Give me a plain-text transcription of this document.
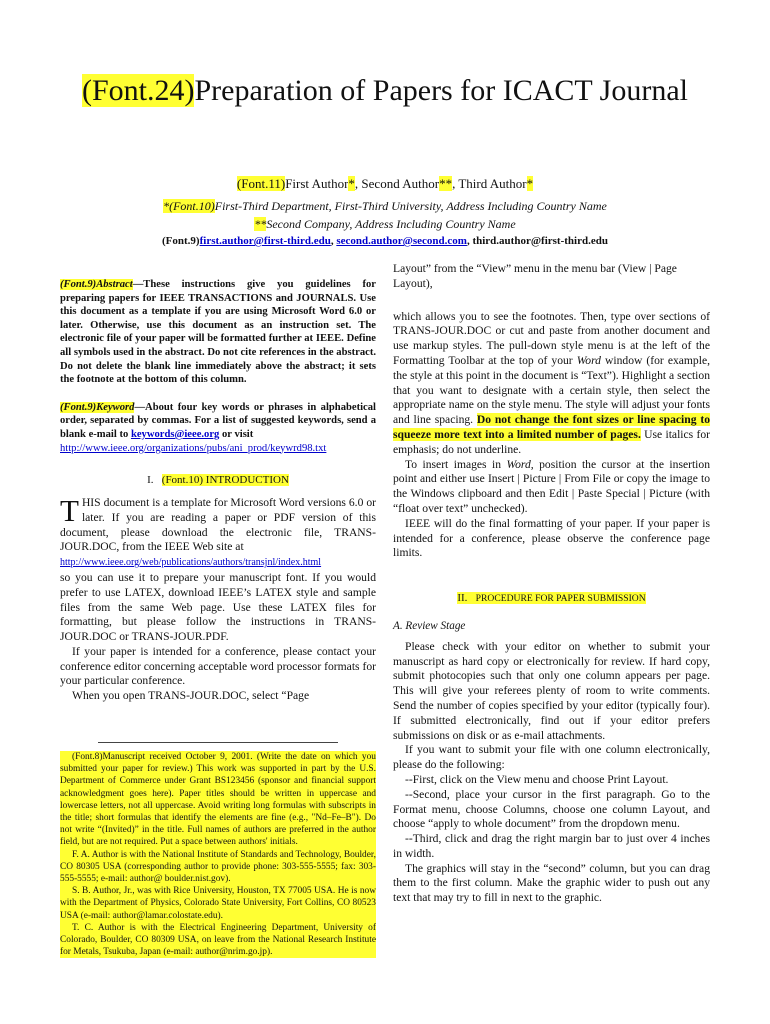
(Font.24)Preparation of Papers for ICACT Journal
(Font.11)First Author*, Second Author**, Third Author*
*(Font.10)First-Third Department, First-Third University, Address Including Country Name
**Second Company, Address Including Country Name
(Font.9)first.author@first-third.edu, second.author@second.com, third.author@first-third.edu

(Font.9)Abstract—These instructions give you guidelines for preparing papers for IEEE TRANSACTIONS and JOURNALS. Use this document as a template if you are using Microsoft Word 6.0 or later. Otherwise, use this document as an instruction set. The electronic file of your paper will be formatted further at IEEE. Define all symbols used in the abstract. Do not cite references in the abstract. Do not delete the blank line immediately above the abstract; it sets the footnote at the bottom of this column.

(Font.9)Keyword—About four key words or phrases in alphabetical order, separated by commas. For a list of suggested keywords, send a blank e-mail to keywords@ieee.org or visit
http://www.ieee.org/organizations/pubs/ani_prod/keywrd98.txt

I. (Font.10) INTRODUCTION

THIS document is a template for Microsoft Word versions 6.0 or later. If you are reading a paper or PDF version of this document, please download the electronic file, TRANS-JOUR.DOC, from the IEEE Web site at
http://www.ieee.org/web/publications/authors/transjnl/index.html
so you can use it to prepare your manuscript font. If you would prefer to use LATEX, download IEEE’s LATEX style and sample files from the same Web page. Use these LATEX files for formatting, but please follow the instructions in TRANS-JOUR.DOC or TRANS-JOUR.PDF.

If your paper is intended for a conference, please contact your conference editor concerning acceptable word processor formats for your particular conference.

When you open TRANS-JOUR.DOC, select “Page

(Font.8)Manuscript received October 9, 2001. (Write the date on which you submitted your paper for review.) This work was supported in part by the U.S. Department of Commerce under Grant BS123456 (sponsor and financial support acknowledgment goes here). Paper titles should be written in uppercase and lowercase letters, not all uppercase. Avoid writing long formulas with subscripts in the title; short formulas that identify the elements are fine (e.g., "Nd–Fe–B"). Do not write “(Invited)” in the title. Full names of authors are preferred in the author field, but are not required. Put a space between authors' initials.

F. A. Author is with the National Institute of Standards and Technology, Boulder, CO 80305 USA (corresponding author to provide phone: 303-555-5555; fax: 303-555-5555; e-mail: author@ boulder.nist.gov).

S. B. Author, Jr., was with Rice University, Houston, TX 77005 USA. He is now with the Department of Physics, Colorado State University, Fort Collins, CO 80523 USA (e-mail: author@lamar.colostate.edu).

T. C. Author is with the Electrical Engineering Department, University of Colorado, Boulder, CO 80309 USA, on leave from the National Research Institute for Metals, Tsukuba, Japan (e-mail: author@nrim.go.jp).

Layout” from the “View” menu in the menu bar (View | Page Layout),

which allows you to see the footnotes. Then, type over sections of TRANS-JOUR.DOC or cut and paste from another document and use markup styles. The pull-down style menu is at the left of the Formatting Toolbar at the top of your Word window (for example, the style at this point in the document is “Text”). Highlight a section that you want to designate with a certain style, then select the appropriate name on the style menu. The style will adjust your fonts and line spacing. Do not change the font sizes or line spacing to squeeze more text into a limited number of pages. Use italics for emphasis; do not underline.

To insert images in Word, position the cursor at the insertion point and either use Insert | Picture | From File or copy the image to the Windows clipboard and then Edit | Paste Special | Picture (with “float over text” unchecked).

IEEE will do the final formatting of your paper. If your paper is intended for a conference, please observe the conference page limits.

II. PROCEDURE FOR PAPER SUBMISSION
A. Review Stage

Please check with your editor on whether to submit your manuscript as hard copy or electronically for review. If hard copy, submit photocopies such that only one column appears per page. This will give your referees plenty of room to write comments. Send the number of copies specified by your editor (typically four). If submitted electronically, find out if your editor prefers submissions on disk or as e-mail attachments.

If you want to submit your file with one column electronically, please do the following:

--First, click on the View menu and choose Print Layout.

--Second, place your cursor in the first paragraph. Go to the Format menu, choose Columns, choose one column Layout, and choose “apply to whole document” from the dropdown menu.

--Third, click and drag the right margin bar to just over 4 inches in width.

The graphics will stay in the “second” column, but you can drag them to the first column. Make the graphic wider to push out any text that may try to fill in next to the graphic.
